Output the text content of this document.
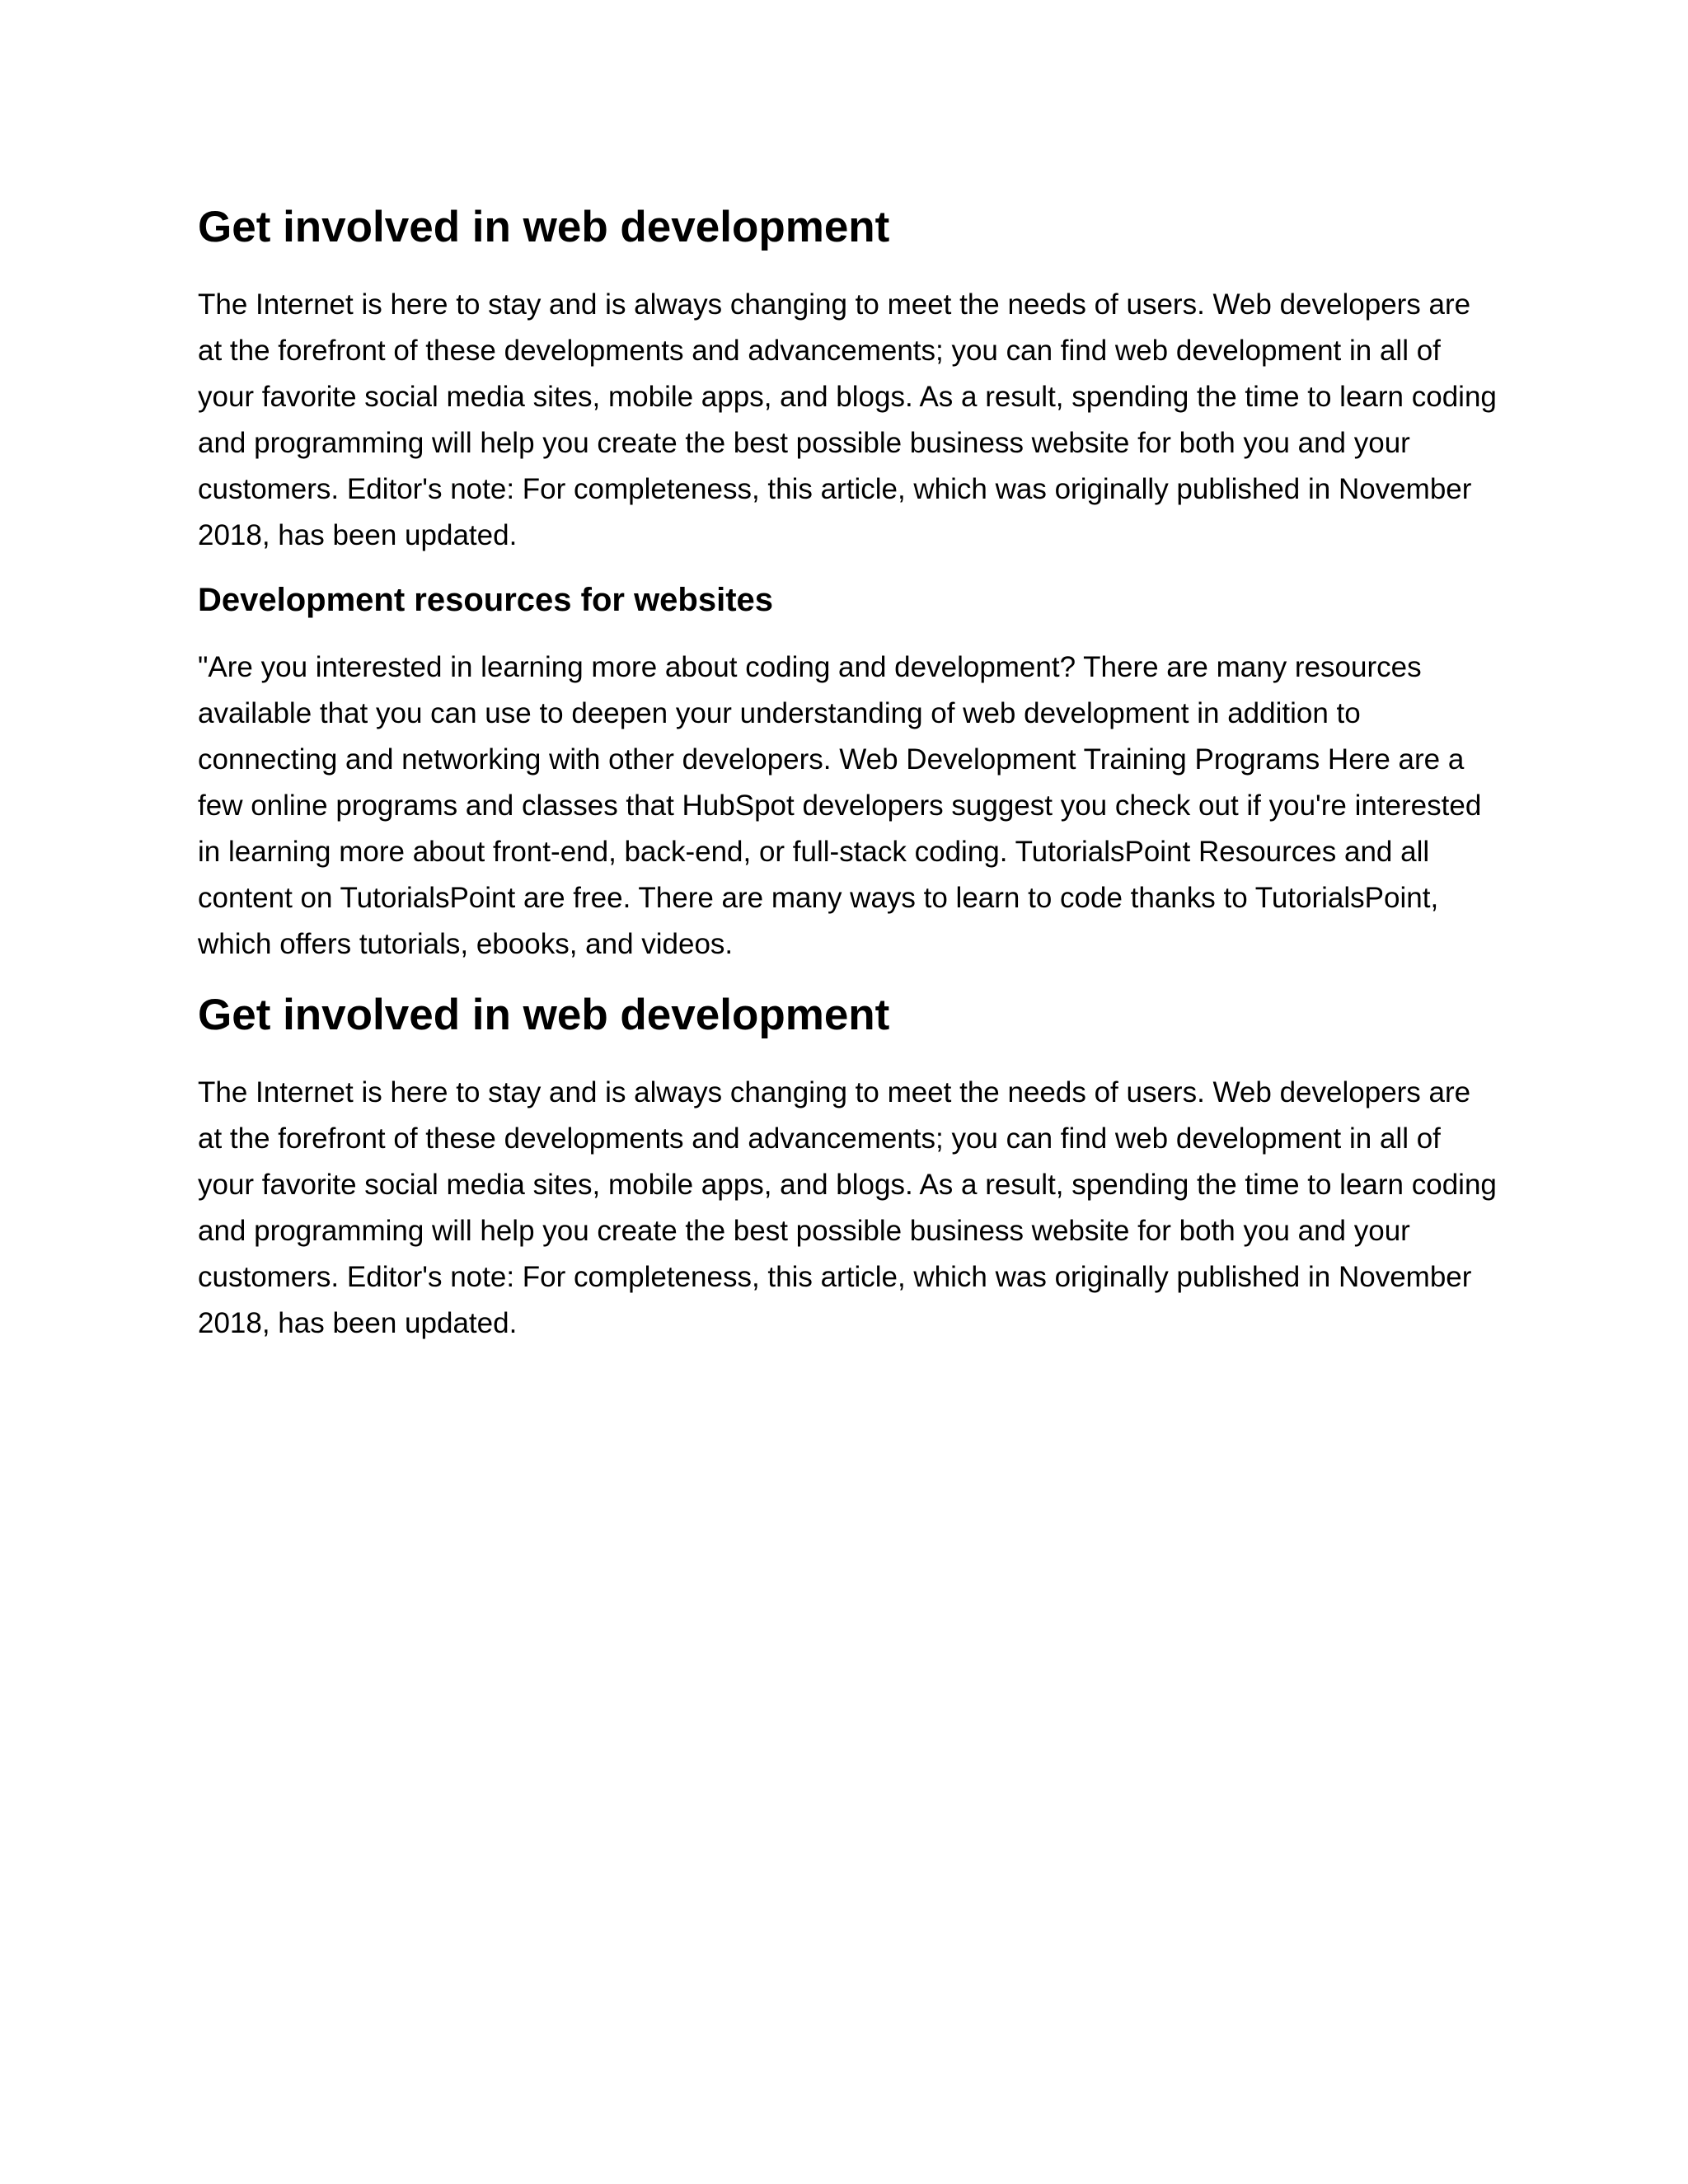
Get involved in web development

The Internet is here to stay and is always changing to meet the needs of users. Web developers are at the forefront of these developments and advancements; you can find web development in all of your favorite social media sites, mobile apps, and blogs. As a result, spending the time to learn coding and programming will help you create the best possible business website for both you and your customers. Editor's note: For completeness, this article, which was originally published in November 2018, has been updated.

Development resources for websites

"Are you interested in learning more about coding and development? There are many resources available that you can use to deepen your understanding of web development in addition to connecting and networking with other developers. Web Development Training Programs Here are a few online programs and classes that HubSpot developers suggest you check out if you're interested in learning more about front-end, back-end, or full-stack coding. TutorialsPoint Resources and all content on TutorialsPoint are free. There are many ways to learn to code thanks to TutorialsPoint, which offers tutorials, ebooks, and videos.

Get involved in web development

The Internet is here to stay and is always changing to meet the needs of users. Web developers are at the forefront of these developments and advancements; you can find web development in all of your favorite social media sites, mobile apps, and blogs. As a result, spending the time to learn coding and programming will help you create the best possible business website for both you and your customers. Editor's note: For completeness, this article, which was originally published in November 2018, has been updated.
